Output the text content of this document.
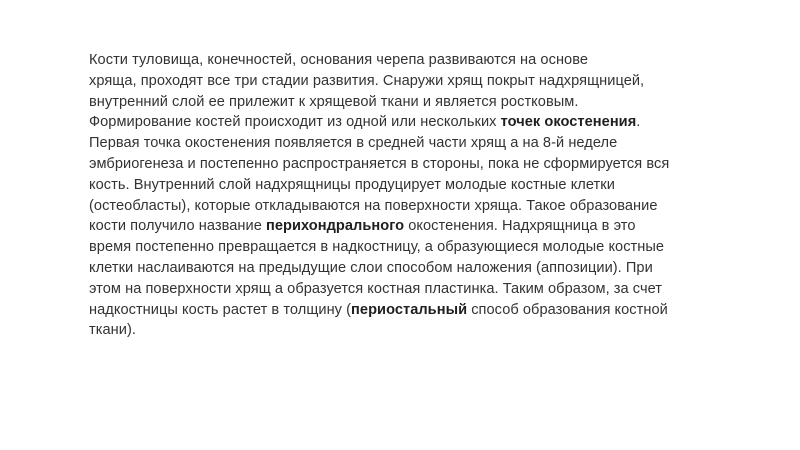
Кости туловища, конечностей, основания черепа развиваются на основе
хряща, проходят все три стадии развития. Снаружи хрящ покрыт надхрящницей,
внутренний слой ее прилежит к хрящевой ткани и является ростковым.
Формирование костей происходит из одной или нескольких точек окостенения.
Первая точка окостенения появляется в средней части хрящ а на 8-й неделе
эмбриогенеза и постепенно распространяется в стороны, пока не сформируется вся
кость. Внутренний слой надхрящницы продуцирует молодые костные клетки
(остеобласты), которые откладываются на поверхности хряща. Такое образование
кости получило название перихондрального окостенения. Надхрящница в это
время постепенно превращается в надкостницу, а образующиеся молодые костные
клетки наслаиваются на предыдущие слои способом наложения (аппозиции). При
этом на поверхности хрящ а образуется костная пластинка. Таким образом, за счет
надкостницы кость растет в толщину (периостальный способ образования костной
ткани).
